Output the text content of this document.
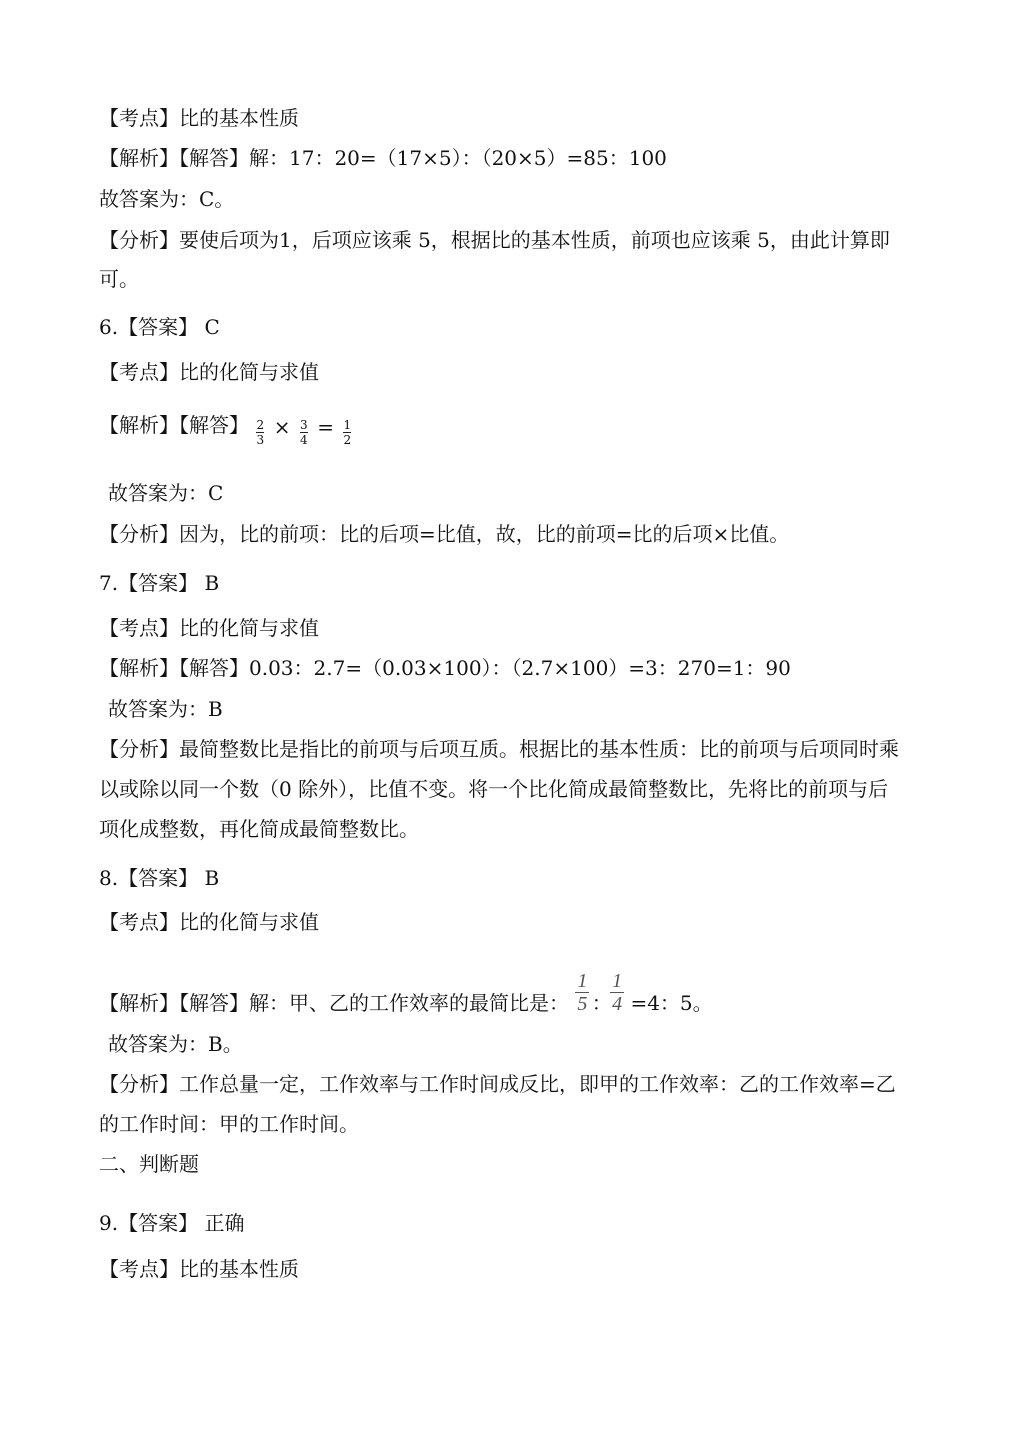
【考点】比的基本性质
【解析】【解答】解：17：20=（17×5）：（20×5）=85：100
故答案为：C。
【分析】要使后项为1，后项应该乘 5，根据比的基本性质，前项也应该乘 5，由此计算即
可。
6.【答案】 C
【考点】比的化简与求值
【解析】【解答】 $\frac{2}{3} \times \frac{3}{4} = \frac{1}{2}$
故答案为：C
【分析】因为，比的前项：比的后项=比值，故，比的前项=比的后项×比值。
7.【答案】 B
【考点】比的化简与求值
【解析】【解答】0.03：2.7=（0.03×100）：（2.7×100）=3：270=1：90
故答案为：B
【分析】最简整数比是指比的前项与后项互质。根据比的基本性质：比的前项与后项同时乘
以或除以同一个数（0 除外），比值不变。将一个比化简成最简整数比，先将比的前项与后
项化成整数，再化简成最简整数比。
8.【答案】 B
【考点】比的化简与求值
【解析】【解答】解：甲、乙的工作效率的最简比是： $\frac{1}{5}$ ：
$\frac{1}{4} =4$：5。
故答案为：B。
【分析】工作总量一定，工作效率与工作时间成反比，即甲的工作效率：乙的工作效率=乙
的工作时间：甲的工作时间。
二、判断题
9.【答案】 正确
【考点】比的基本性质
